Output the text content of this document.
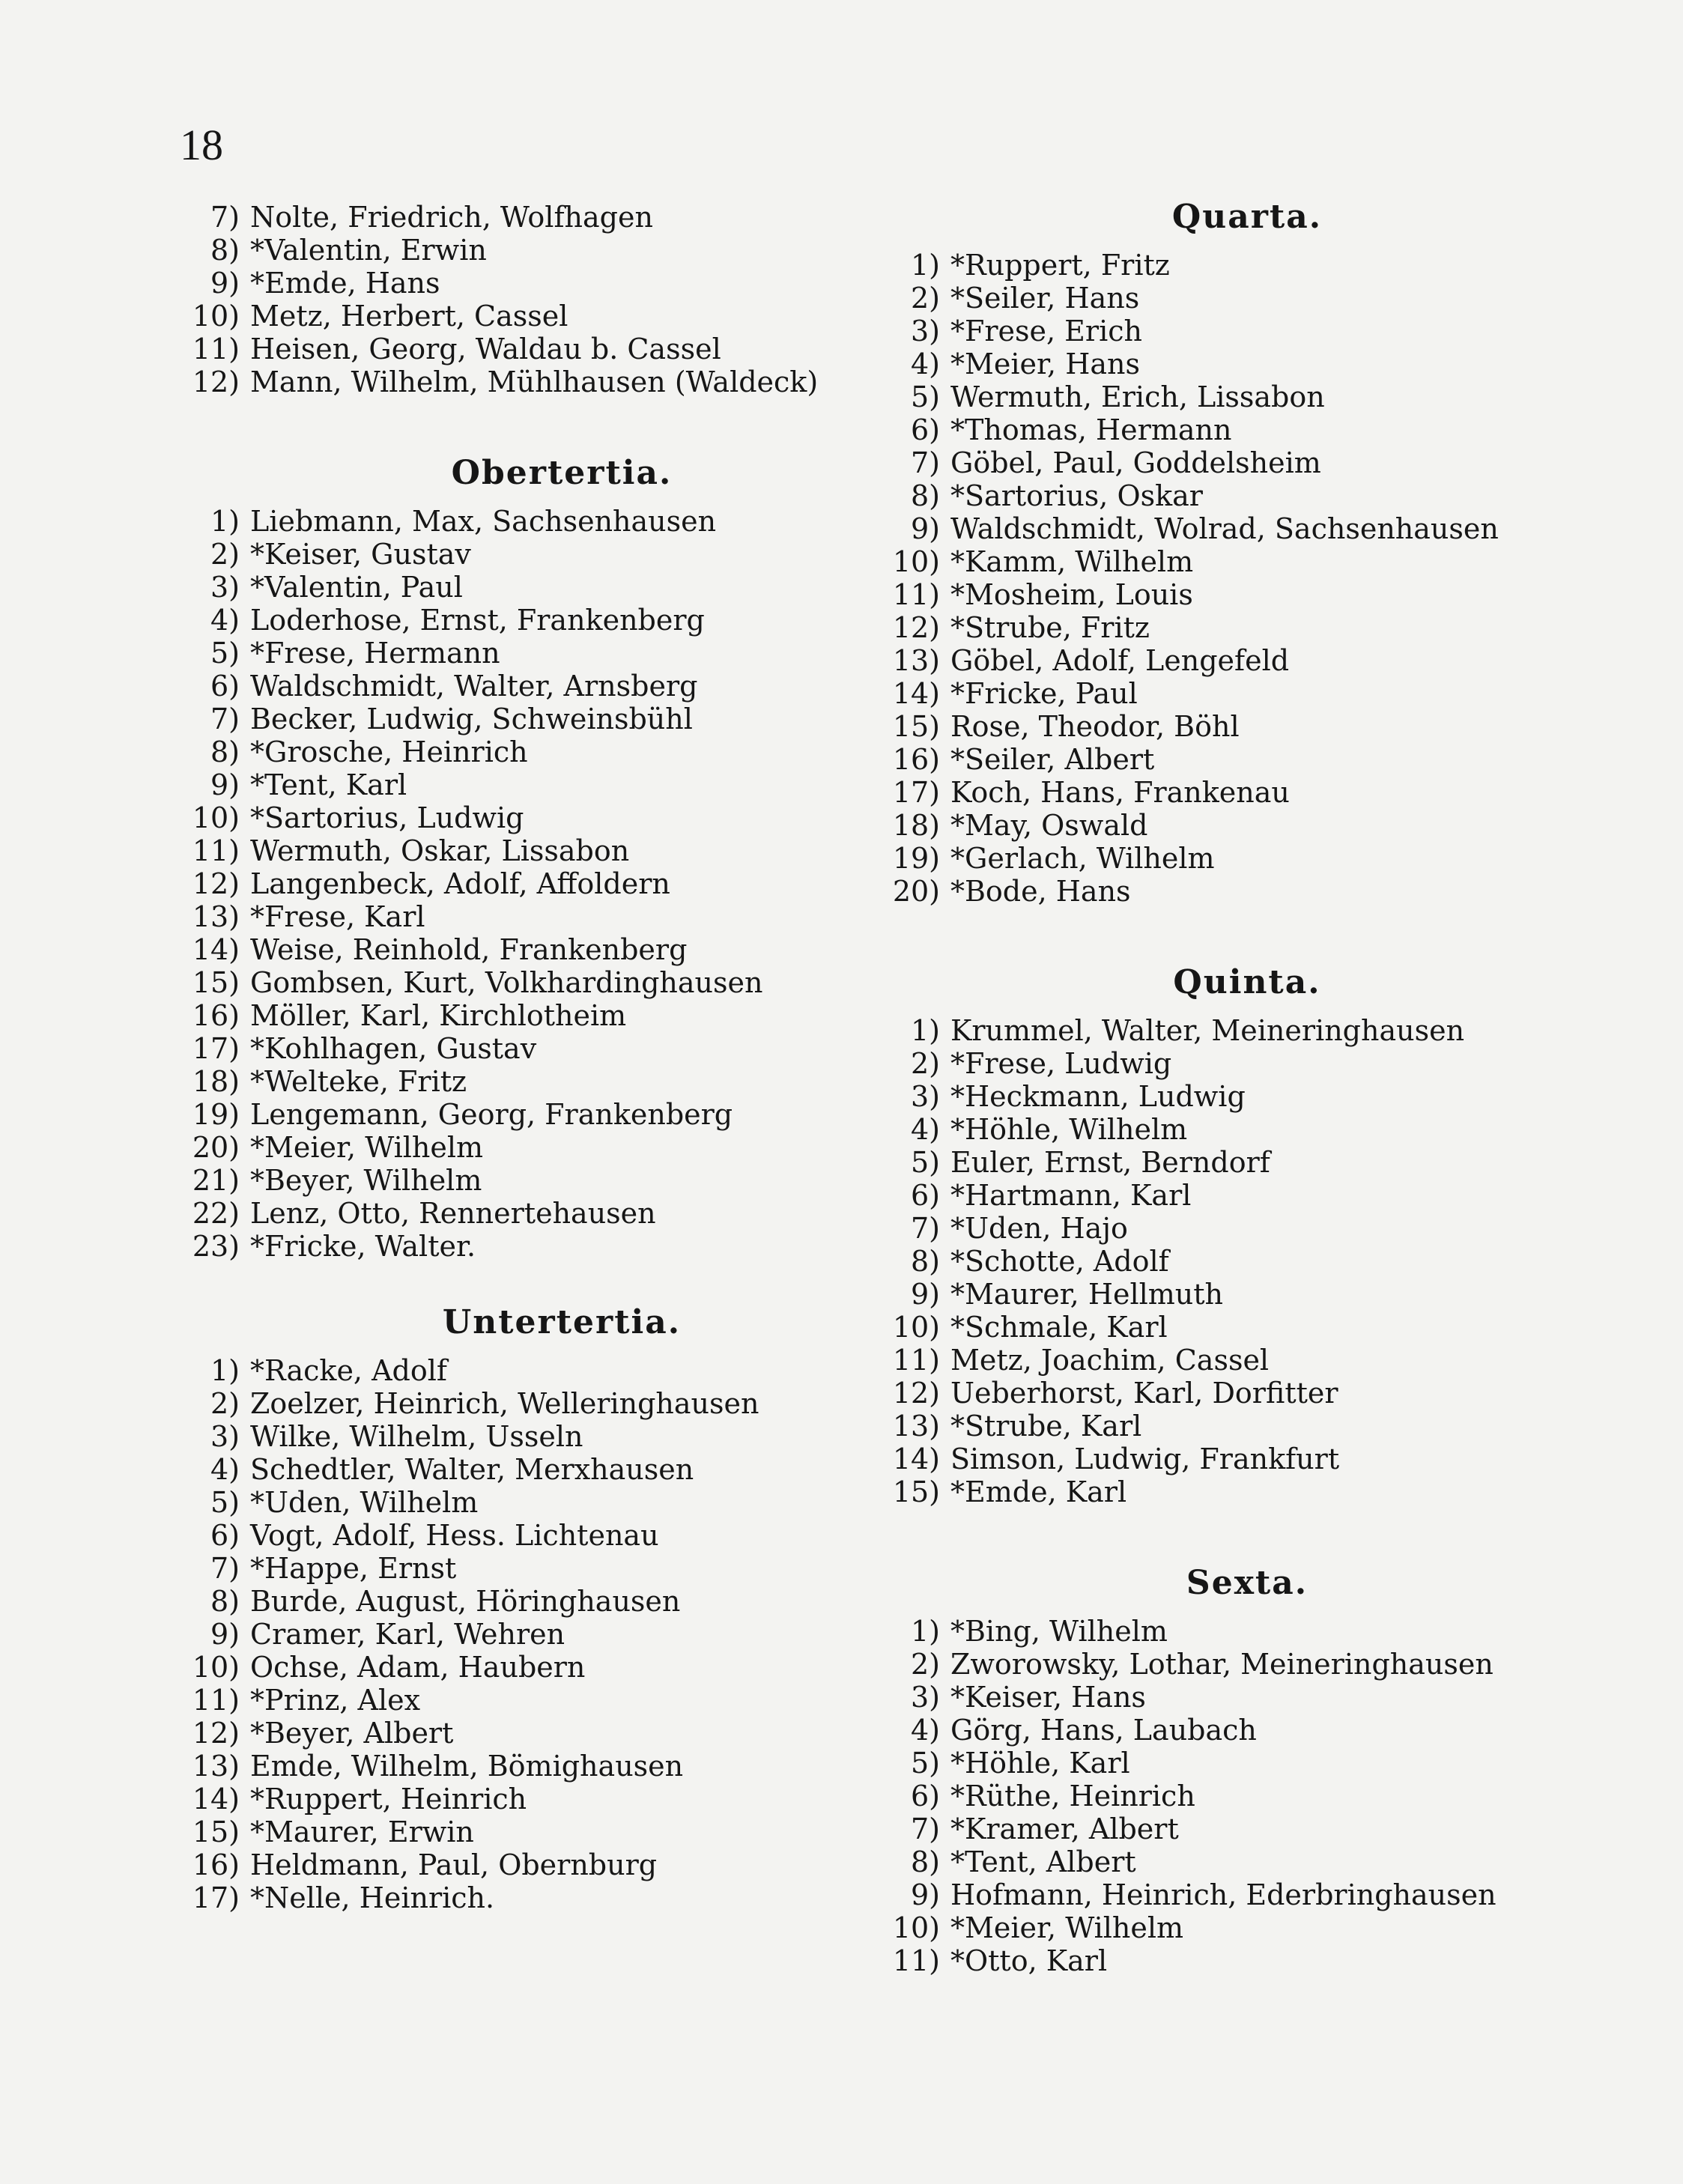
18
7) Nolte, Friedrich, Wolfhagen
8) *Valentin, Erwin
9) *Emde, Hans
10) Metz, Herbert, Cassel
11) Heisen, Georg, Waldau b. Cassel
12) Mann, Wilhelm, Mühlhausen (Waldeck)
Obertertia.
1) Liebmann, Max, Sachsenhausen
2) *Keiser, Gustav
3) *Valentin, Paul
4) Loderhose, Ernst, Frankenberg
5) *Frese, Hermann
6) Waldschmidt, Walter, Arnsberg
7) Becker, Ludwig, Schweinsbühl
8) *Grosche, Heinrich
9) *Tent, Karl
10) *Sartorius, Ludwig
11) Wermuth, Oskar, Lissabon
12) Langenbeck, Adolf, Affoldern
13) *Frese, Karl
14) Weise, Reinhold, Frankenberg
15) Gombsen, Kurt, Volkhardinghausen
16) Möller, Karl, Kirchlotheim
17) *Kohlhagen, Gustav
18) *Welteke, Fritz
19) Lengemann, Georg, Frankenberg
20) *Meier, Wilhelm
21) *Beyer, Wilhelm
22) Lenz, Otto, Rennertehausen
23) *Fricke, Walter.
Untertertia.
1) *Racke, Adolf
2) Zoelzer, Heinrich, Welleringhausen
3) Wilke, Wilhelm, Usseln
4) Schedtler, Walter, Merxhausen
5) *Uden, Wilhelm
6) Vogt, Adolf, Hess. Lichtenau
7) *Happe, Ernst
8) Burde, August, Höringhausen
9) Cramer, Karl, Wehren
10) Ochse, Adam, Haubern
11) *Prinz, Alex
12) *Beyer, Albert
13) Emde, Wilhelm, Bömighausen
14) *Ruppert, Heinrich
15) *Maurer, Erwin
16) Heldmann, Paul, Obernburg
17) *Nelle, Heinrich.
Quarta.
1) *Ruppert, Fritz
2) *Seiler, Hans
3) *Frese, Erich
4) *Meier, Hans
5) Wermuth, Erich, Lissabon
6) *Thomas, Hermann
7) Göbel, Paul, Goddelsheim
8) *Sartorius, Oskar
9) Waldschmidt, Wolrad, Sachsenhausen
10) *Kamm, Wilhelm
11) *Mosheim, Louis
12) *Strube, Fritz
13) Göbel, Adolf, Lengefeld
14) *Fricke, Paul
15) Rose, Theodor, Böhl
16) *Seiler, Albert
17) Koch, Hans, Frankenau
18) *May, Oswald
19) *Gerlach, Wilhelm
20) *Bode, Hans
Quinta.
1) Krummel, Walter, Meineringhausen
2) *Frese, Ludwig
3) *Heckmann, Ludwig
4) *Höhle, Wilhelm
5) Euler, Ernst, Berndorf
6) *Hartmann, Karl
7) *Uden, Hajo
8) *Schotte, Adolf
9) *Maurer, Hellmuth
10) *Schmale, Karl
11) Metz, Joachim, Cassel
12) Ueberhorst, Karl, Dorfitter
13) *Strube, Karl
14) Simson, Ludwig, Frankfurt
15) *Emde, Karl
Sexta.
1) *Bing, Wilhelm
2) Zworowsky, Lothar, Meineringhausen
3) *Keiser, Hans
4) Görg, Hans, Laubach
5) *Höhle, Karl
6) *Rüthe, Heinrich
7) *Kramer, Albert
8) *Tent, Albert
9) Hofmann, Heinrich, Ederbringhausen
10) *Meier, Wilhelm
11) *Otto, Karl
